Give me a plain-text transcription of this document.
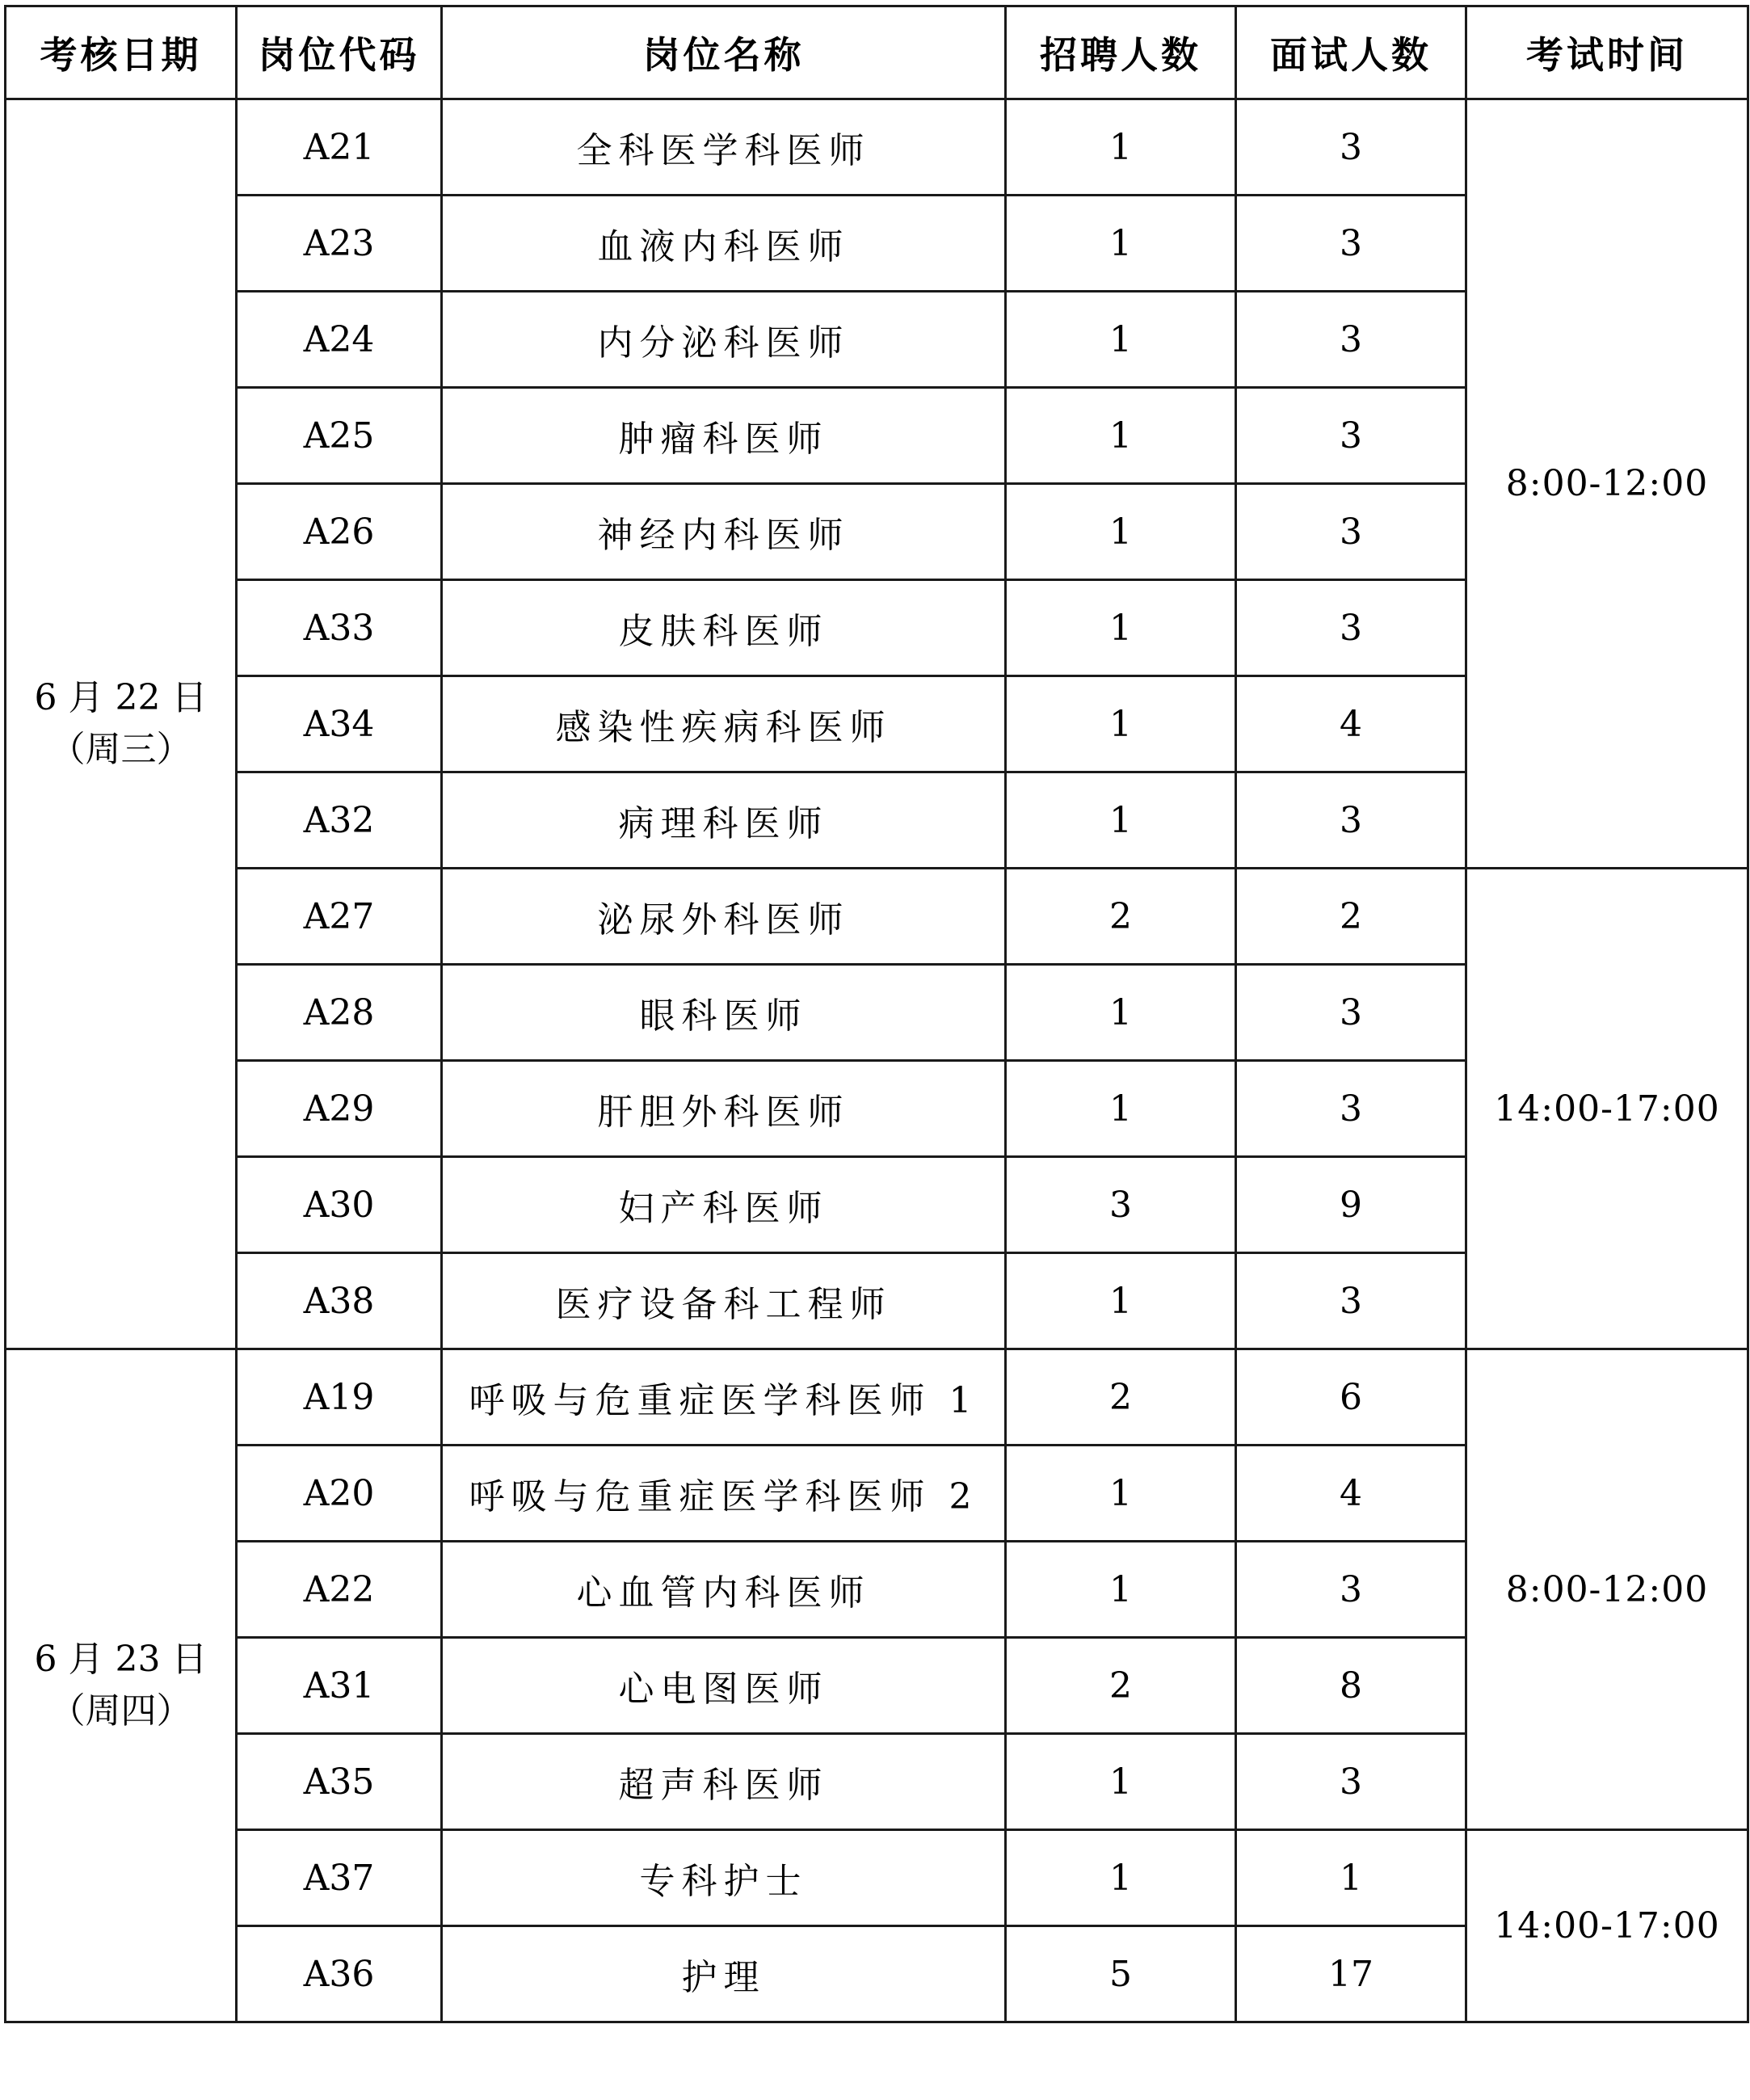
考核日期	岗位代码	岗位名称	招聘人数	面试人数	考试时间

6 月 22 日
（周三）	A21	全科医学科医师	1	3	8:00-12:00
	A23	血液内科医师	1	3	
	A24	内分泌科医师	1	3	
	A25	肿瘤科医师	1	3	
	A26	神经内科医师	1	3	
	A33	皮肤科医师	1	3	
	A34	感染性疾病科医师	1	4	
	A32	病理科医师	1	3	
	A27	泌尿外科医师	2	2	14:00-17:00
	A28	眼科医师	1	3	
	A29	肝胆外科医师	1	3	
	A30	妇产科医师	3	9	
	A38	医疗设备科工程师	1	3	

6 月 23 日
（周四）	A19	呼吸与危重症医学科医师 1	2	6	8:00-12:00
	A20	呼吸与危重症医学科医师 2	1	4	
	A22	心血管内科医师	1	3	
	A31	心电图医师	2	8	
	A35	超声科医师	1	3	
	A37	专科护士	1	1	14:00-17:00
	A36	护理	5	17	
